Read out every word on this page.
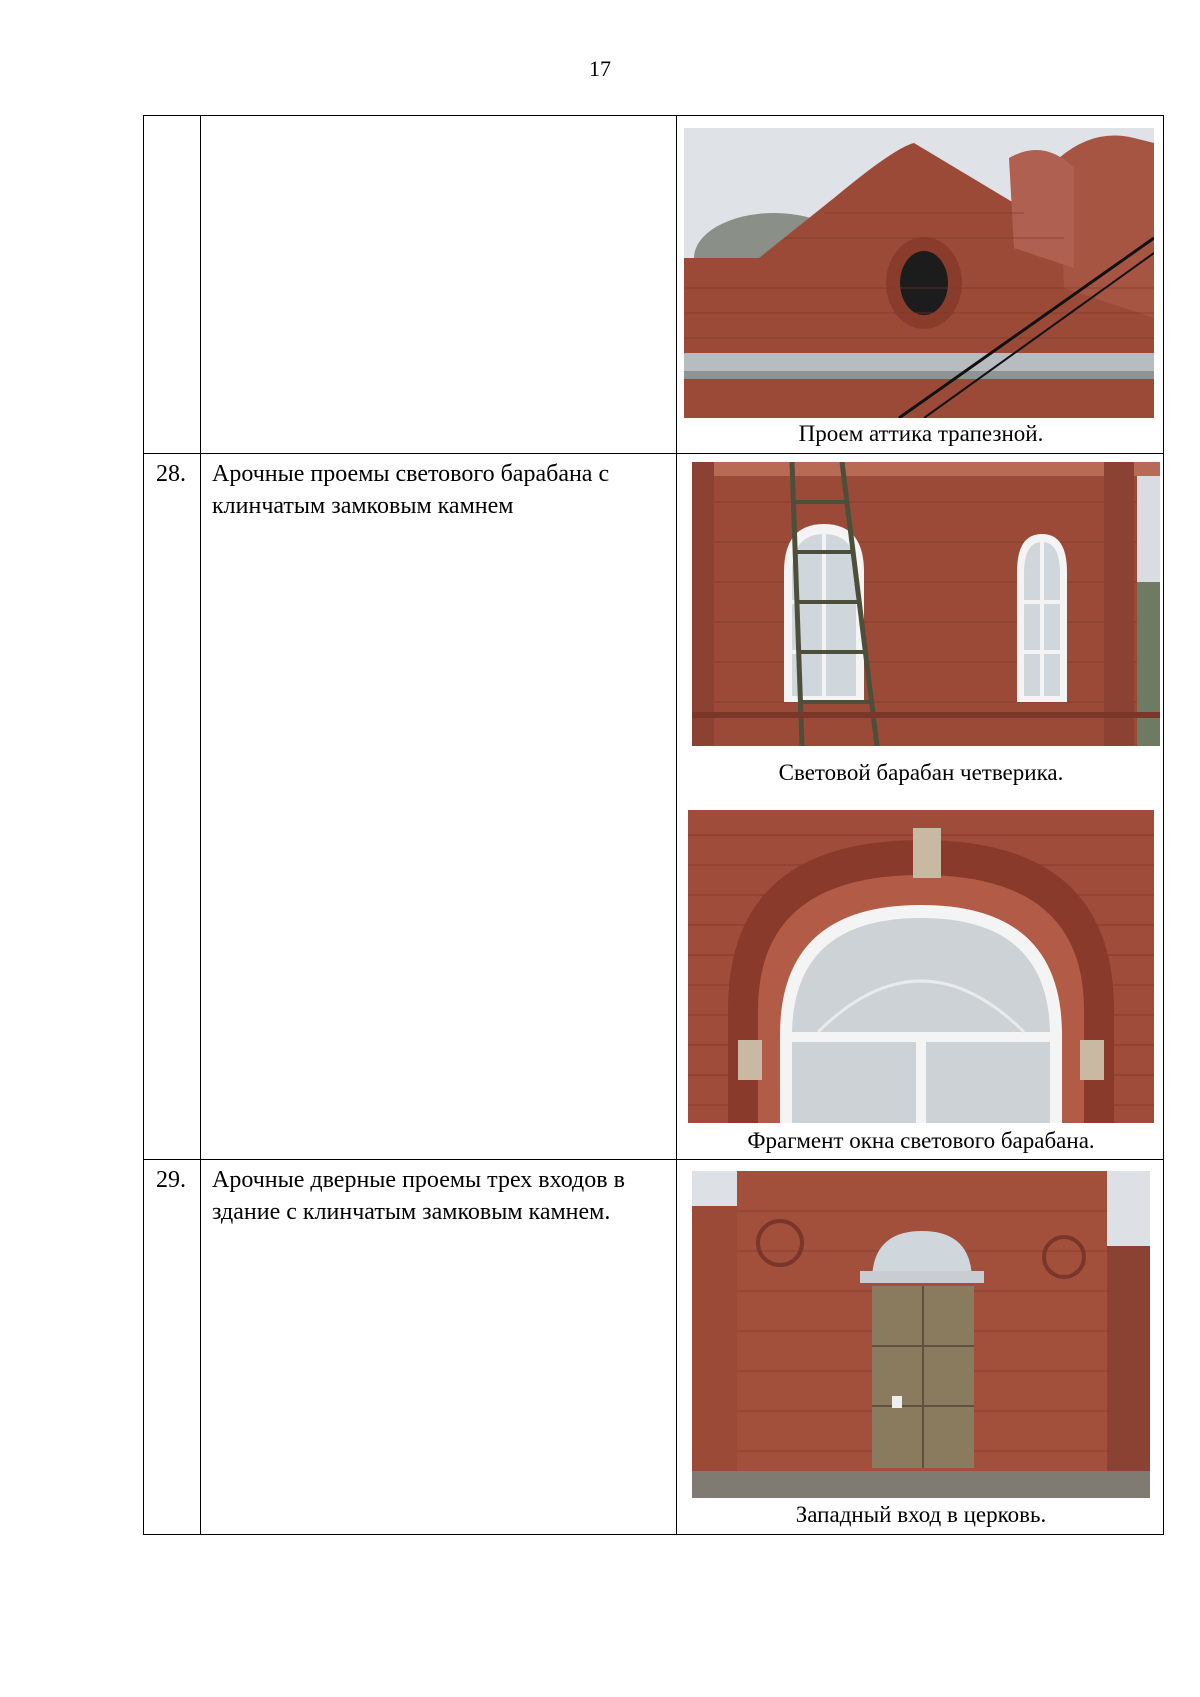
17
Проем аттика трапезной.
28. Арочные проемы светового барабана с клинчатым замковым камнем
Световой барабан четверика.
Фрагмент окна светового барабана.
29. Арочные дверные проемы трех входов в здание с клинчатым замковым камнем.
Западный вход в церковь.
